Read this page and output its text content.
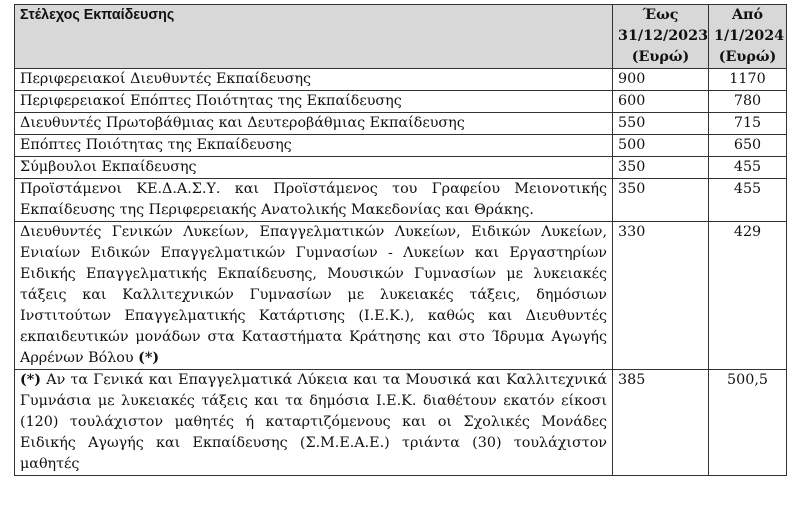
Στέλεχος Εκπαίδευσης	Έως 31/12/2023 (Ευρώ)	Από 1/1/2024 (Ευρώ)
Περιφερειακοί Διευθυντές Εκπαίδευσης	900	1170
Περιφερειακοί Επόπτες Ποιότητας της Εκπαίδευσης	600	780
Διευθυντές Πρωτοβάθμιας και Δευτεροβάθμιας Εκπαίδευσης	550	715
Επόπτες Ποιότητας της Εκπαίδευσης	500	650
Σύμβουλοι Εκπαίδευσης	350	455
Προϊστάμενοι ΚΕ.Δ.Α.Σ.Υ. και Προϊστάμενος του Γραφείου Μειονοτικής Εκπαίδευσης της Περιφερειακής Ανατολικής Μακεδονίας και Θράκης.	350	455
Διευθυντές Γενικών Λυκείων, Επαγγελματικών Λυκείων, Ειδικών Λυκείων, Ενιαίων Ειδικών Επαγγελματικών Γυμνασίων - Λυκείων και Εργαστηρίων Ειδικής Επαγγελματικής Εκπαίδευσης, Μουσικών Γυμνασίων με λυκειακές τάξεις και Καλλιτεχνικών Γυμνασίων με λυκειακές τάξεις, δημόσιων Ινστιτούτων Επαγγελματικής Κατάρτισης (Ι.Ε.Κ.), καθώς και Διευθυντές εκπαιδευτικών μονάδων στα Καταστήματα Κράτησης και στο Ίδρυμα Αγωγής Αρρένων Βόλου (*)	330	429
(*) Αν τα Γενικά και Επαγγελματικά Λύκεια και τα Μουσικά και Καλλιτεχνικά Γυμνάσια με λυκειακές τάξεις και τα δημόσια Ι.Ε.Κ. διαθέτουν εκατόν είκοσι (120) τουλάχιστον μαθητές ή καταρτιζόμενους και οι Σχολικές Μονάδες Ειδικής Αγωγής και Εκπαίδευσης (Σ.Μ.Ε.Α.Ε.) τριάντα (30) τουλάχιστον μαθητές	385	500,5
